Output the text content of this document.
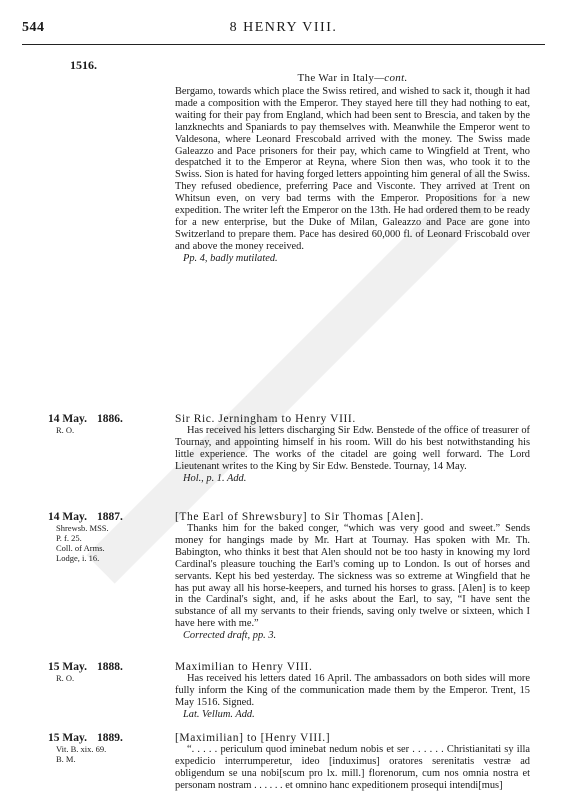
544	8 HENRY VIII.
1516.
The War in Italy—cont.
Bergamo, towards which place the Swiss retired, and wished to sack it, though it had made a composition with the Emperor. They stayed here till they had nothing to eat, waiting for their pay from England, which had been sent to Brescia, and taken by the lanzknechts and Spaniards to pay themselves with. Meanwhile the Emperor went to Valdesona, where Leonard Frescobald arrived with the money. The Swiss made Galeazzo and Pace prisoners for their pay, which came to Wingfield at Trent, who despatched it to the Emperor at Reyna, where Sion then was, who took it to the Swiss. Sion is hated for having forged letters appointing him general of all the Swiss. They refused obedience, preferring Pace and Visconte. They arrived at Trent on Whitsun even, on very bad terms with the Emperor. Propositions for a new expedition. The writer left the Emperor on the 13th. He had ordered them to be ready for a new enterprise, but the Duke of Milan, Galeazzo and Pace are gone into Switzerland to prepare them. Pace has desired 60,000 fl. of Leonard Friscobald over and above the money received.
Pp. 4, badly mutilated.
14 May. 1886.
R. O.
Sir Ric. Jerningham to Henry VIII.
Has received his letters discharging Sir Edw. Benstede of the office of treasurer of Tournay, and appointing himself in his room. Will do his best notwithstanding his little experience. The works of the citadel are going well forward. The Lord Lieutenant writes to the King by Sir Edw. Benstede. Tournay, 14 May.
Hol., p. 1. Add.
14 May. 1887.
Shrewsb. MSS.
P. f. 25.
Coll. of Arms.
Lodge, i. 16.
[The Earl of Shrewsbury] to Sir Thomas [Alen].
Thanks him for the baked conger, “which was very good and sweet.” Sends money for hangings made by Mr. Hart at Tournay. Has spoken with Mr. Th. Babington, who thinks it best that Alen should not be too hasty in knowing my lord Cardinal's pleasure touching the Earl's coming up to London. Is out of horses and servants. Kept his bed yesterday. The sickness was so extreme at Wingfield that he has put away all his horse-keepers, and turned his horses to grass. [Alen] is to keep in the Cardinal's sight, and, if he asks about the Earl, to say, “I have sent the substance of all my servants to their friends, saving only twelve or sixteen, which I have here with me.”
Corrected draft, pp. 3.
15 May. 1888.
R. O.
Maximilian to Henry VIII.
Has received his letters dated 16 April. The ambassadors on both sides will more fully inform the King of the communication made them by the Emperor. Trent, 15 May 1516. Signed.
Lat. Vellum. Add.
15 May. 1889.
Vit. B. xix. 69.
B. M.
[Maximilian] to [Henry VIII.]
“. . . . . periculum quod iminebat nedum nobis et ser . . . . . . Christianitati sy illa expedicio interrumperetur, ideo [induximus] oratores serenitatis vestræ ad obligendum se una nobi[scum pro lx. mill.] florenorum, cum nos omnia nostra et personam nostram . . . . . . et omnino hanc expeditionem prosequi intendi[mus]
